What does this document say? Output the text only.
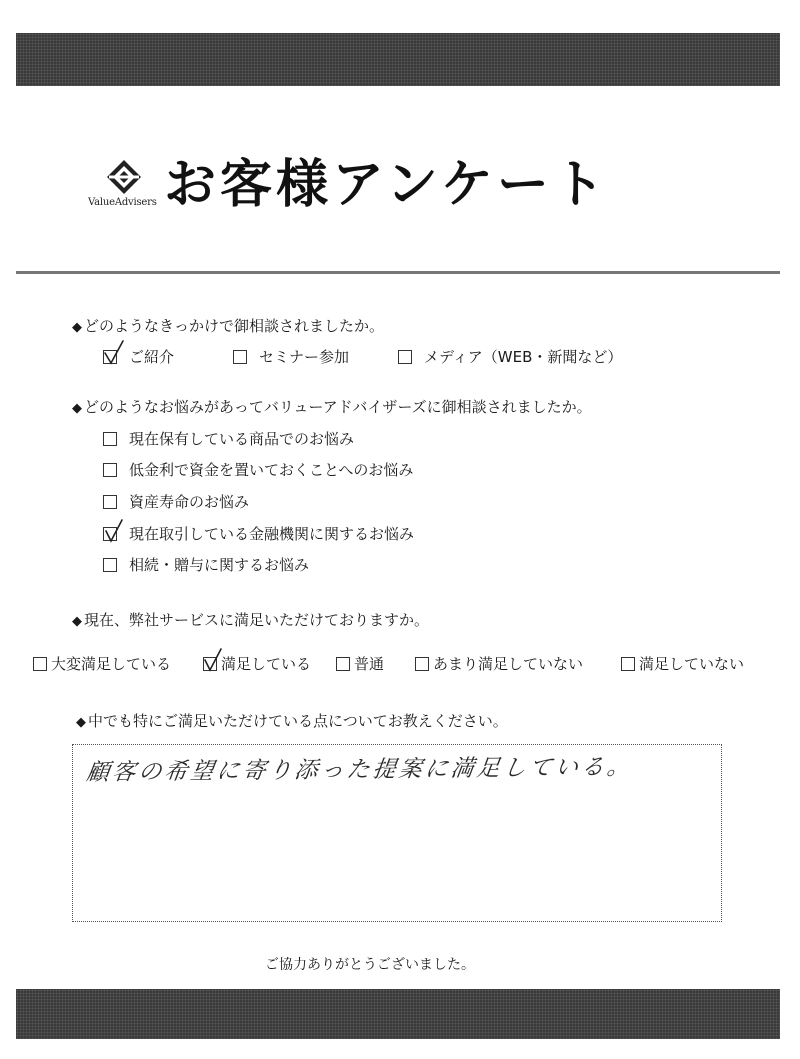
ValueAdvisers お客様アンケート
◆ どのようなきっかけで御相談されましたか。
ご紹介	セミナー参加	メディア（WEB・新聞など）
◆ どのようなお悩みがあってバリューアドバイザーズに御相談されましたか。
現在保有している商品でのお悩み
低金利で資金を置いておくことへのお悩み
資産寿命のお悩み
現在取引している金融機関に関するお悩み
相続・贈与に関するお悩み
◆ 現在、弊社サービスに満足いただけておりますか。
大変満足している	満足している	普通	あまり満足していない	満足していない
◆ 中でも特にご満足いただけている点についてお教えください。
顧客の希望に寄り添った提案に満足している。
ご協力ありがとうございました。
